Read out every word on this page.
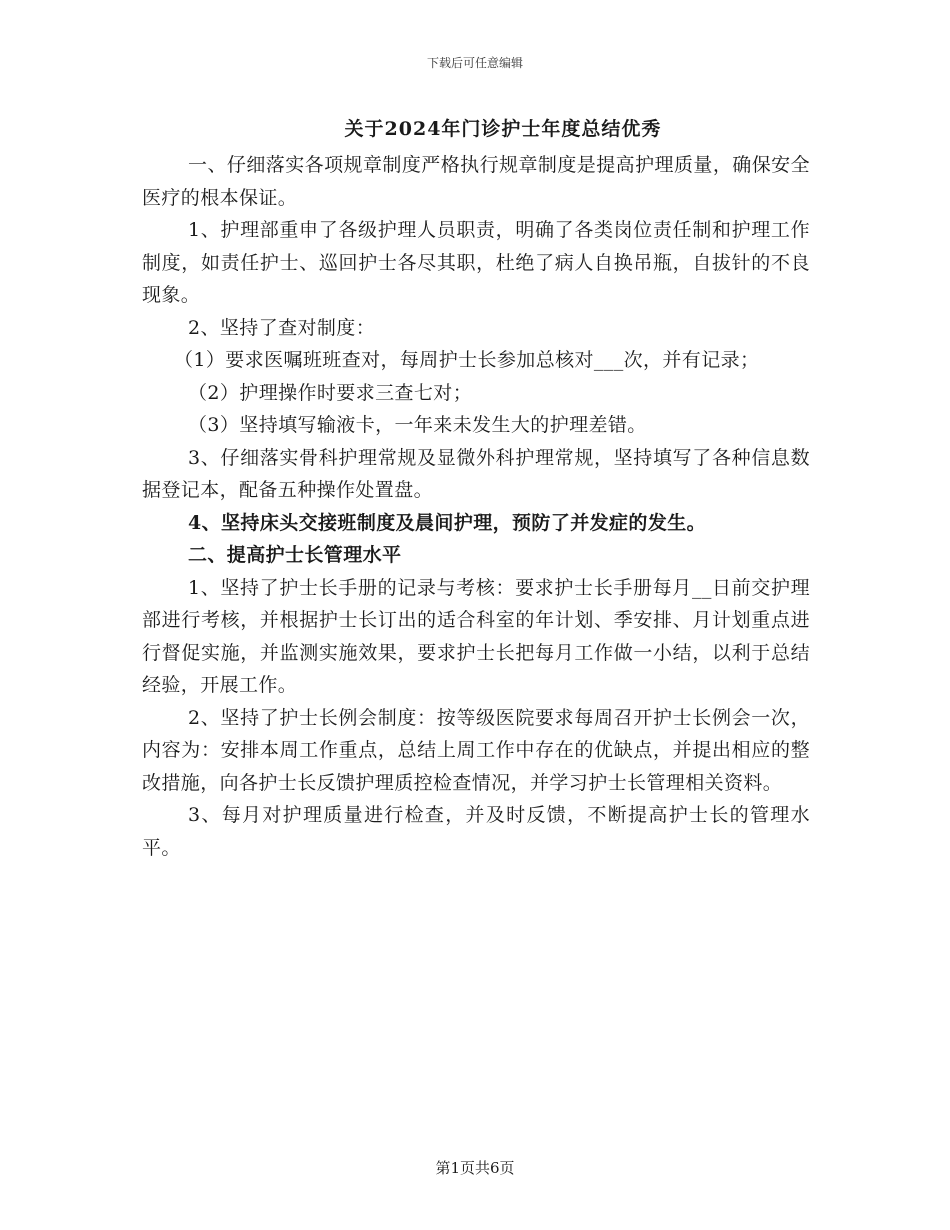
下载后可任意编辑
关于2024年门诊护士年度总结优秀

一、仔细落实各项规章制度严格执行规章制度是提高护理质量，确保安全医疗的根本保证。

1、护理部重申了各级护理人员职责，明确了各类岗位责任制和护理工作制度，如责任护士、巡回护士各尽其职，杜绝了病人自换吊瓶，自拔针的不良现象。

2、坚持了查对制度：

（1）要求医嘱班班查对，每周护士长参加总核对___次，并有记录；

（2）护理操作时要求三查七对；

（3）坚持填写输液卡，一年来未发生大的护理差错。

3、仔细落实骨科护理常规及显微外科护理常规，坚持填写了各种信息数据登记本，配备五种操作处置盘。

4、坚持床头交接班制度及晨间护理，预防了并发症的发生。

二、提高护士长管理水平

1、坚持了护士长手册的记录与考核：要求护士长手册每月__日前交护理部进行考核，并根据护士长订出的适合科室的年计划、季安排、月计划重点进行督促实施，并监测实施效果，要求护士长把每月工作做一小结，以利于总结经验，开展工作。

2、坚持了护士长例会制度：按等级医院要求每周召开护士长例会一次，内容为：安排本周工作重点，总结上周工作中存在的优缺点，并提出相应的整改措施，向各护士长反馈护理质控检查情况，并学习护士长管理相关资料。

3、每月对护理质量进行检查，并及时反馈，不断提高护士长的管理水平。

第1页共6页
